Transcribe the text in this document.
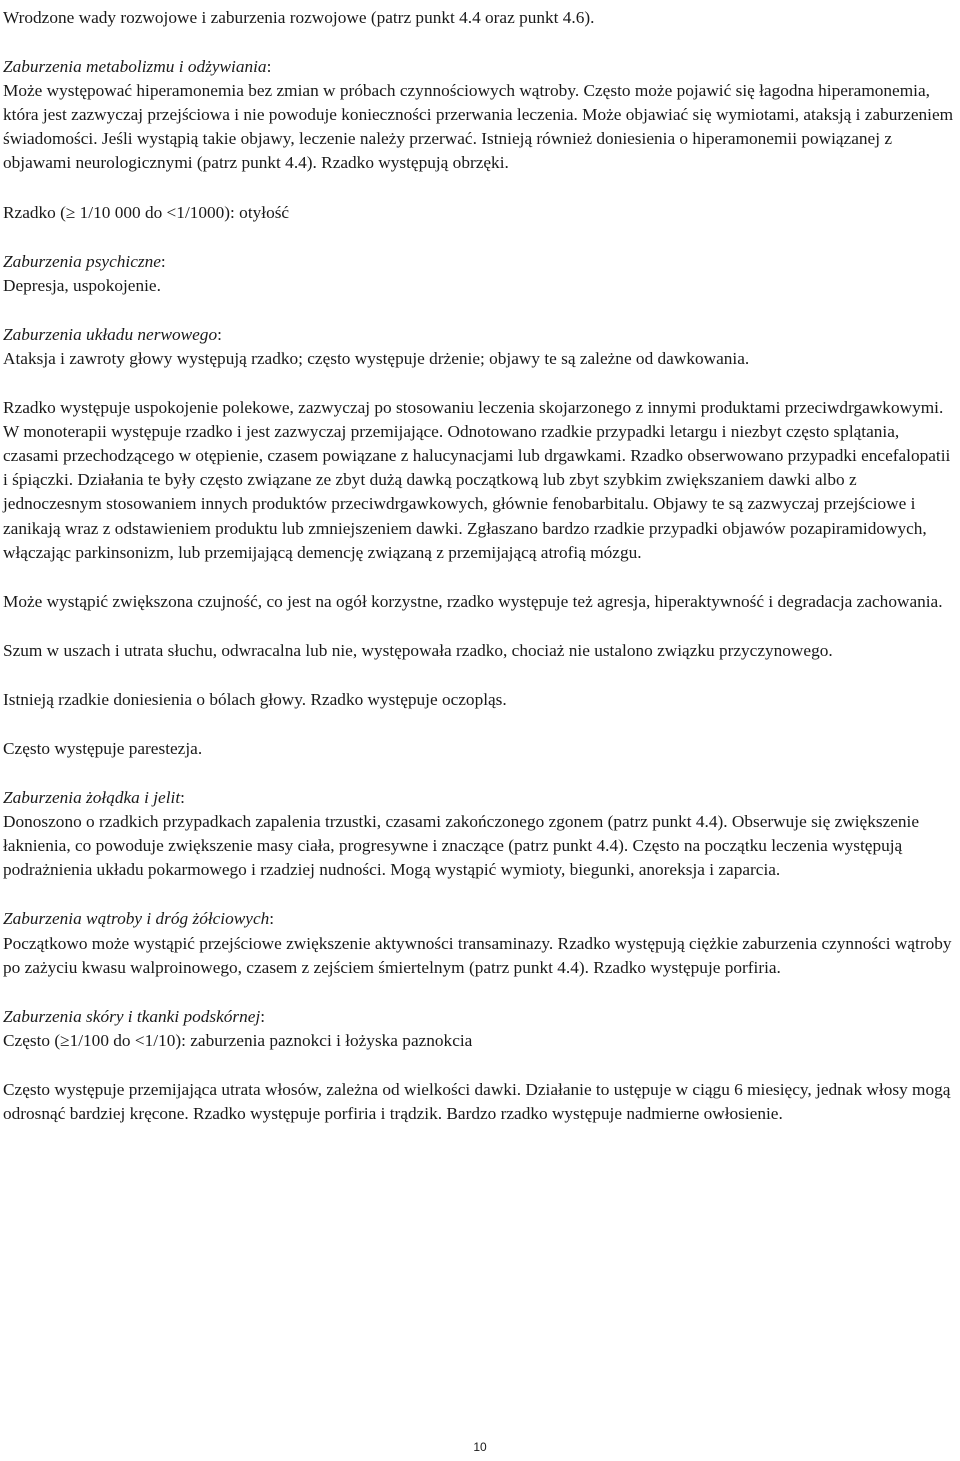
Wrodzone wady rozwojowe i zaburzenia rozwojowe (patrz punkt 4.4 oraz punkt 4.6).

Zaburzenia metabolizmu i odżywiania:

Może występować hiperamonemia bez zmian w próbach czynnościowych wątroby. Często może pojawić się łagodna hiperamonemia, która jest zazwyczaj przejściowa i nie powoduje konieczności przerwania leczenia. Może objawiać się wymiotami, ataksją i zaburzeniem świadomości. Jeśli wystąpią takie objawy, leczenie należy przerwać. Istnieją również doniesienia o hiperamonemii powiązanej z objawami neurologicznymi (patrz punkt 4.4). Rzadko występują obrzęki.

Rzadko (≥ 1/10 000 do <1/1000): otyłość

Zaburzenia psychiczne:

Depresja, uspokojenie.

Zaburzenia układu nerwowego:

Ataksja i zawroty głowy występują rzadko; często występuje drżenie; objawy te są zależne od dawkowania.

Rzadko występuje uspokojenie polekowe, zazwyczaj po stosowaniu leczenia skojarzonego z innymi produktami przeciwdrgawkowymi. W monoterapii występuje rzadko i jest zazwyczaj przemijające. Odnotowano rzadkie przypadki letargu i niezbyt często splątania, czasami przechodzącego w otępienie, czasem powiązane z halucynacjami lub drgawkami. Rzadko obserwowano przypadki encefalopatii i śpiączki. Działania te były często związane ze zbyt dużą dawką początkową lub zbyt szybkim zwiększaniem dawki albo z jednoczesnym stosowaniem innych produktów przeciwdrgawkowych, głównie fenobarbitalu. Objawy te są zazwyczaj przejściowe i zanikają wraz z odstawieniem produktu lub zmniejszeniem dawki. Zgłaszano bardzo rzadkie przypadki objawów pozapiramidowych, włączając parkinsonizm, lub przemijającą demencję związaną z przemijającą atrofią mózgu.

Może wystąpić zwiększona czujność, co jest na ogół korzystne, rzadko występuje też agresja, hiperaktywność i degradacja zachowania.

Szum w uszach i utrata słuchu, odwracalna lub nie, występowała rzadko, chociaż nie ustalono związku przyczynowego.

Istnieją rzadkie doniesienia o bólach głowy. Rzadko występuje oczopląs.

Często występuje parestezja.

Zaburzenia żołądka i jelit:

Donoszono o rzadkich przypadkach zapalenia trzustki, czasami zakończonego zgonem (patrz punkt 4.4). Obserwuje się zwiększenie łaknienia, co powoduje zwiększenie masy ciała, progresywne i znaczące (patrz punkt 4.4). Często na początku leczenia występują podrażnienia układu pokarmowego i rzadziej nudności. Mogą wystąpić wymioty, biegunki, anoreksja i zaparcia.

Zaburzenia wątroby i dróg żółciowych:

Początkowo może wystąpić przejściowe zwiększenie aktywności transaminazy. Rzadko występują ciężkie zaburzenia czynności wątroby po zażyciu kwasu walproinowego, czasem z zejściem śmiertelnym (patrz punkt 4.4). Rzadko występuje porfiria.

Zaburzenia skóry i tkanki podskórnej:

Często (≥1/100 do <1/10): zaburzenia paznokci i łożyska paznokcia

Często występuje przemijająca utrata włosów, zależna od wielkości dawki. Działanie to ustępuje w ciągu 6 miesięcy, jednak włosy mogą odrosnąć bardziej kręcone. Rzadko występuje porfiria i trądzik. Bardzo rzadko występuje nadmierne owłosienie.

10
